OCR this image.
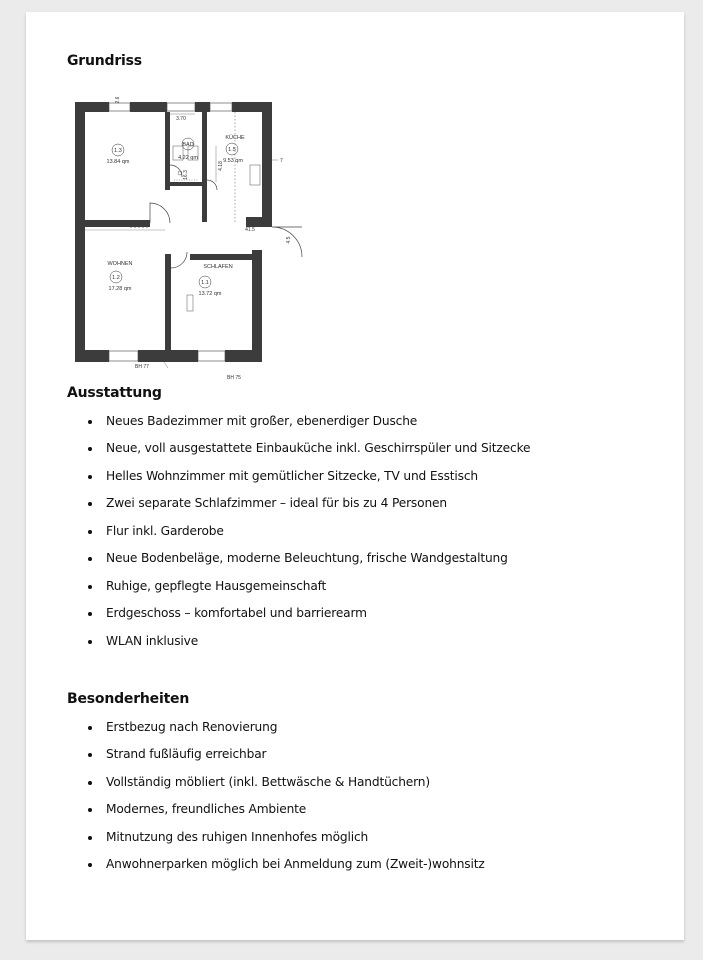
Grundriss
1.3
13.84 qm
BAD
4.22 qm
KÜCHE
1.5
9.53 qm
WOHNEN
1.2
17.28 qm
SCHLAFEN
1.1
13.72 qm
2.6
3.70
4.18
16.3
7
41.5
4.5
BH 77
BH 75
Ausstattung
Neues Badezimmer mit großer, ebenerdiger Dusche
Neue, voll ausgestattete Einbauküche inkl. Geschirrspüler und Sitzecke
Helles Wohnzimmer mit gemütlicher Sitzecke, TV und Esstisch
Zwei separate Schlafzimmer – ideal für bis zu 4 Personen
Flur inkl. Garderobe
Neue Bodenbeläge, moderne Beleuchtung, frische Wandgestaltung
Ruhige, gepflegte Hausgemeinschaft
Erdgeschoss – komfortabel und barrierearm
WLAN inklusive
Besonderheiten
Erstbezug nach Renovierung
Strand fußläufig erreichbar
Vollständig möbliert (inkl. Bettwäsche & Handtüchern)
Modernes, freundliches Ambiente
Mitnutzung des ruhigen Innenhofes möglich
Anwohnerparken möglich bei Anmeldung zum (Zweit-)wohnsitz
